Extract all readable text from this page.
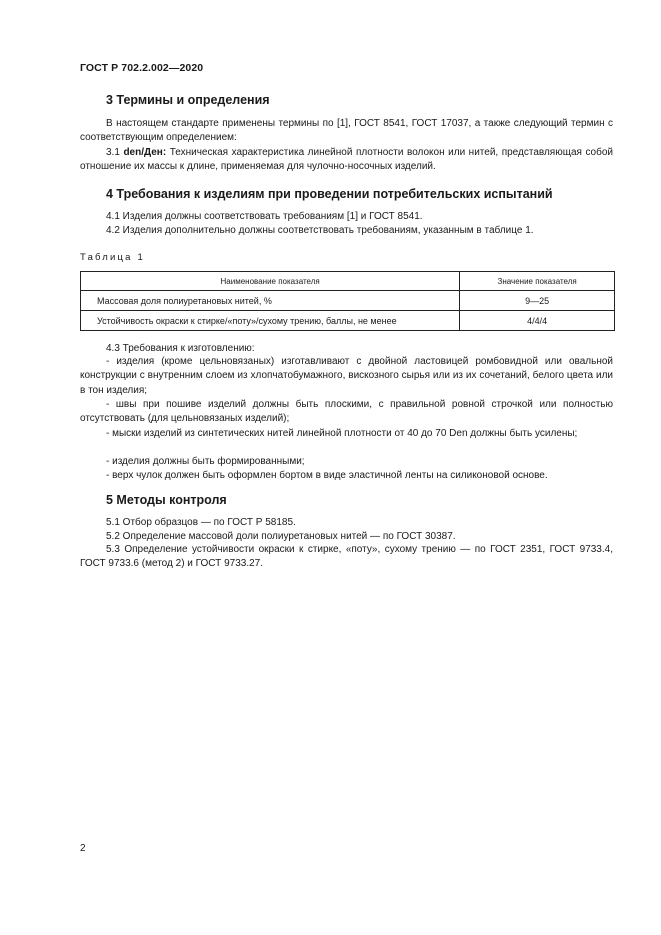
ГОСТ Р 702.2.002—2020
3 Термины и определения
В настоящем стандарте применены термины по [1], ГОСТ 8541, ГОСТ 17037, а также следующий термин с соответствующим определением:
3.1 den/Ден: Техническая характеристика линейной плотности волокон или нитей, представляющая собой отношение их массы к длине, применяемая для чулочно-носочных изделий.
4 Требования к изделиям при проведении потребительских испытаний
4.1 Изделия должны соответствовать требованиям [1] и ГОСТ 8541.
4.2 Изделия дополнительно должны соответствовать требованиям, указанным в таблице 1.
Таблица 1
Наименование показателя	Значение показателя
Массовая доля полиуретановых нитей, %	9—25
Устойчивость окраски к стирке/«поту»/сухому трению, баллы, не менее	4/4/4
4.3 Требования к изготовлению:
- изделия (кроме цельновязаных) изготавливают с двойной ластовицей ромбовидной или овальной конструкции с внутренним слоем из хлопчатобумажного, вискозного сырья или из их сочетаний, белого цвета или в тон изделия;
- швы при пошиве изделий должны быть плоскими, с правильной ровной строчкой или полностью отсутствовать (для цельновязаных изделий);
- мыски изделий из синтетических нитей линейной плотности от 40 до 70 Den должны быть усилены;
- изделия должны быть формированными;
- верх чулок должен быть оформлен бортом в виде эластичной ленты на силиконовой основе.
5 Методы контроля
5.1 Отбор образцов — по ГОСТ Р 58185.
5.2 Определение массовой доли полиуретановых нитей — по ГОСТ 30387.
5.3 Определение устойчивости окраски к стирке, «поту», сухому трению — по ГОСТ 2351, ГОСТ 9733.4, ГОСТ 9733.6 (метод 2) и ГОСТ 9733.27.
2
